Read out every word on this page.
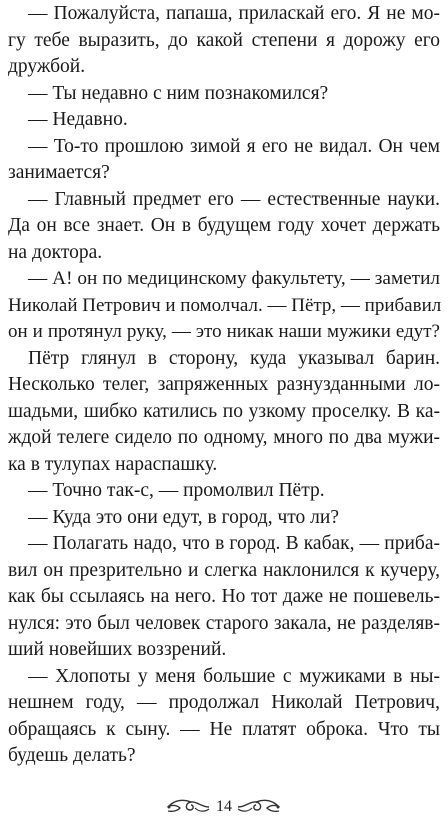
— Пожалуйста, папаша, приласкай его. Я не мо-
гу тебе выразить, до какой степени я дорожу его
дружбой.
— Ты недавно с ним познакомился?
— Недавно.
— То-то прошлою зимой я его не видал. Он чем
занимается?
— Главный предмет его — естественные науки.
Да он все знает. Он в будущем году хочет держать
на доктора.
— А! он по медицинскому факультету, — заметил
Николай Петрович и помолчал. — Пётр, — прибавил
он и протянул руку, — это никак наши мужики едут?
Пётр глянул в сторону, куда указывал барин.
Несколько телег, запряженных разнузданными ло-
шадьми, шибко катились по узкому проселку. В ка-
ждой телеге сидело по одному, много по два мужи-
ка в тулупах нараспашку.
— Точно так-с, — промолвил Пётр.
— Куда это они едут, в город, что ли?
— Полагать надо, что в город. В кабак, — приба-
вил он презрительно и слегка наклонился к кучеру,
как бы ссылаясь на него. Но тот даже не пошевель-
нулся: это был человек старого закала, не разделяв-
ший новейших воззрений.
— Хлопоты у меня большие с мужиками в ны-
нешнем году, — продолжал Николай Петрович,
обращаясь к сыну. — Не платят оброка. Что ты
будешь делать?
14
